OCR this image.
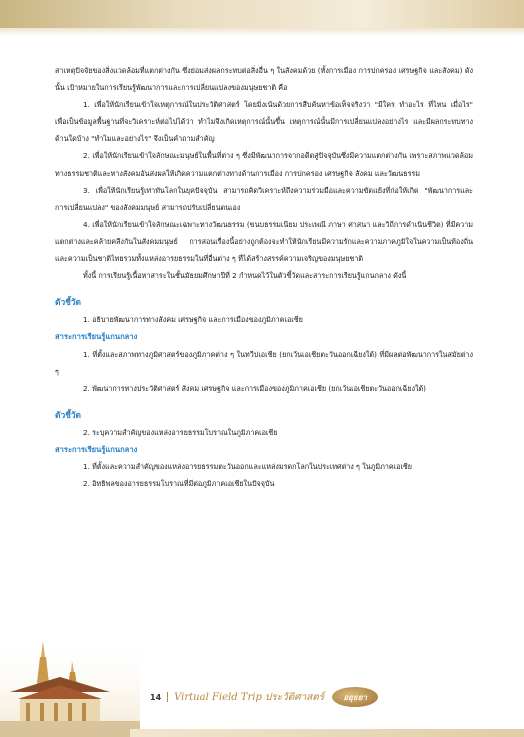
สาเหตุปัจจัยของสิ่งแวดล้อมที่แตกต่างกัน ซึ่งย่อมส่งผลกระทบต่อสิ่งอื่น ๆ ในสังคมด้วย (ทั้งการเมือง การปกครอง เศรษฐกิจ และสังคม) ดังนั้น เป้าหมายในการเรียนรู้พัฒนาการและการเปลี่ยนแปลงของมนุษยชาติ คือ

1. เพื่อให้นักเรียนเข้าใจเหตุการณ์ในประวัติศาสตร์ โดยมิ่งเน้นด้วยการสืบค้นหาข้อเท็จจริงว่า "มีใคร ทำอะไร ที่ไหน เมื่อไร" เพื่อเป็นข้อมูลพื้นฐานที่จะวิเคราะห์ต่อไปได้ว่า ทำไมจึงเกิดเหตุการณ์นั้นขึ้น เหตุการณ์นั้นมีการเปลี่ยนแปลงอย่างไร และมีผลกระทบทางด้านใดบ้าง "ทำไมและอย่างไร" จึงเป็นคำถามสำคัญ

2. เพื่อให้นักเรียนเข้าใจลักษณะมนุษย์ในพื้นที่ต่าง ๆ ซึ่งมีพัฒนาการจากอดีตสู่ปัจจุบันซึ่งมีความแตกต่างกัน เพราะสภาพแวดล้อมทางธรรมชาติและทางสังคมอันส่งผลให้เกิดความแตกต่างทางด้านการเมือง การปกครอง เศรษฐกิจ สังคม และวัฒนธรรม

3. เพื่อให้นักเรียนรู้เท่าทันโลกในยุคปัจจุบัน สามารถคิดวิเคราะห์ถึงความร่วมมือและความขัดแย้งที่ก่อให้เกิด "พัฒนาการและการเปลี่ยนแปลง" ของสังคมมนุษย์ สามารถปรับเปลี่ยนตนเอง

4. เพื่อให้นักเรียนเข้าใจลักษณะเฉพาะทางวัฒนธรรม (ขนบธรรมเนียม ประเพณี ภาษา ศาสนา และวิถีการดำเนินชีวิต) ที่มีความแตกต่างและคล้ายคลึงกันในสังคมมนุษย์ การสอนเรื่องนี้อย่างถูกต้องจะทำให้นักเรียนมีความรักและความภาคภูมิใจในความเป็นท้องถิ่นและความเป็นชาติไทยรวมทั้งแหล่งอารยธรรมในที่อื่นต่าง ๆ ที่ได้สร้างสรรค์ความเจริญของมนุษยชาติ

ทั้งนี้ การเรียนรู้เนื้อหาสาระในชั้นมัธยมศึกษาปีที่ 2 กำหนดไว้ในตัวชี้วัดและสาระการเรียนรู้แกนกลาง ดังนี้

ตัวชี้วัด

1. อธิบายพัฒนาการทางสังคม เศรษฐกิจ และการเมืองของภูมิภาคเอเชีย

สาระการเรียนรู้แกนกลาง

1. ที่ตั้งและสภาพทางภูมิศาสตร์ของภูมิภาคต่าง ๆ ในทวีปเอเชีย (ยกเว้นเอเชียตะวันออกเฉียงใต้) ที่มีผลต่อพัฒนาการในสมัยต่าง ๆ

2. พัฒนาการทางประวัติศาสตร์ สังคม เศรษฐกิจ และการเมืองของภูมิภาคเอเชีย (ยกเว้นเอเชียตะวันออกเฉียงใต้)

ตัวชี้วัด

2. ระบุความสำคัญของแหล่งอารยธรรมโบราณในภูมิภาคเอเชีย

สาระการเรียนรู้แกนกลาง

1. ที่ตั้งและความสำคัญของแหล่งอารยธรรมตะวันออกและแหล่งมรดกโลกในประเทศต่าง ๆ ในภูมิภาคเอเชีย

2. อิทธิพลของอารยธรรมโบราณที่มีต่อภูมิภาคเอเชียในปัจจุบัน

14 Virtual Field Trip ประวัติศาสตร์	อยุธยา
